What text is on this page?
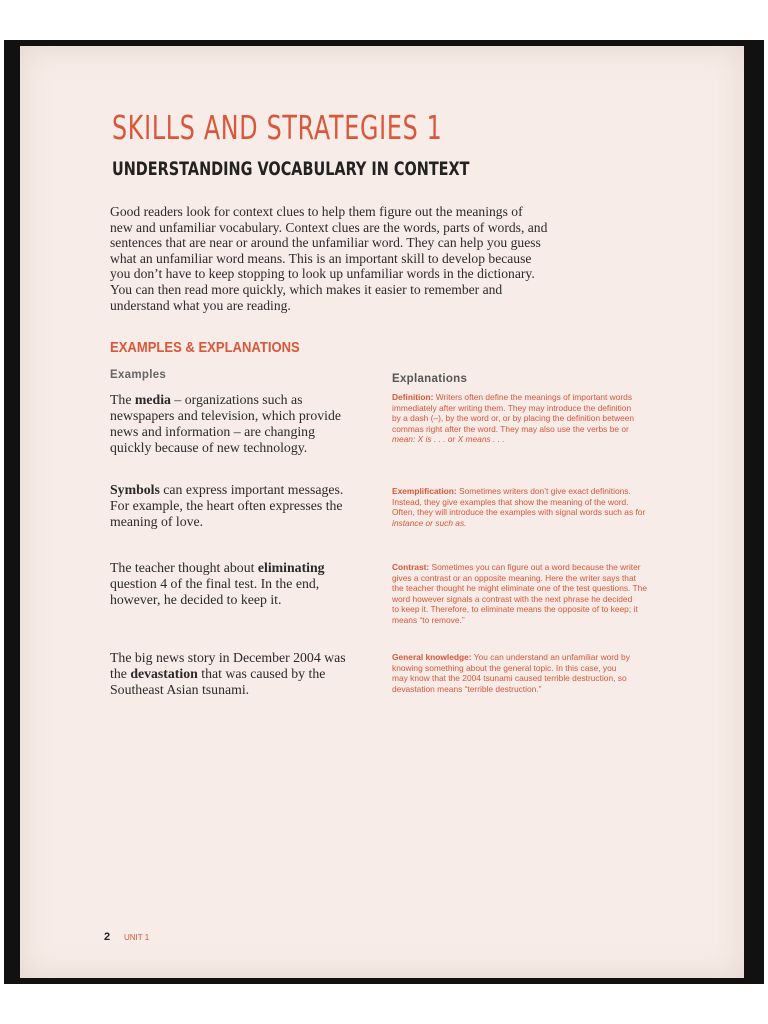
SKILLS AND STRATEGIES 1
UNDERSTANDING VOCABULARY IN CONTEXT

Good readers look for context clues to help them figure out the meanings of
new and unfamiliar vocabulary. Context clues are the words, parts of words, and
sentences that are near or around the unfamiliar word. They can help you guess
what an unfamiliar word means. This is an important skill to develop because
you don’t have to keep stopping to look up unfamiliar words in the dictionary.
You can then read more quickly, which makes it easier to remember and
understand what you are reading.

EXAMPLES & EXPLANATIONS
Examples	Explanations
The media – organizations such as
newspapers and television, which provide
news and information – are changing
quickly because of new technology.
Symbols can express important messages.
For example, the heart often expresses the
meaning of love.
The teacher thought about eliminating
question 4 of the final test. In the end,
however, he decided to keep it.
The big news story in December 2004 was
the devastation that was caused by the
Southeast Asian tsunami.
Definition: Writers often define the meanings of important words
immediately after writing them. They may introduce the definition
by a dash (–), by the word or, or by placing the definition between
commas right after the word. They may also use the verbs be or
mean: X is . . . or X means . . .
Exemplification: Sometimes writers don’t give exact definitions.
Instead, they give examples that show the meaning of the word.
Often, they will introduce the examples with signal words such as for
instance or such as.
Contrast: Sometimes you can figure out a word because the writer
gives a contrast or an opposite meaning. Here the writer says that
the teacher thought he might eliminate one of the test questions. The
word however signals a contrast with the next phrase he decided
to keep it. Therefore, to eliminate means the opposite of to keep; it
means “to remove.”
General knowledge: You can understand an unfamiliar word by
knowing something about the general topic. In this case, you
may know that the 2004 tsunami caused terrible destruction, so
devastation means “terrible destruction.”
2 UNIT 1
